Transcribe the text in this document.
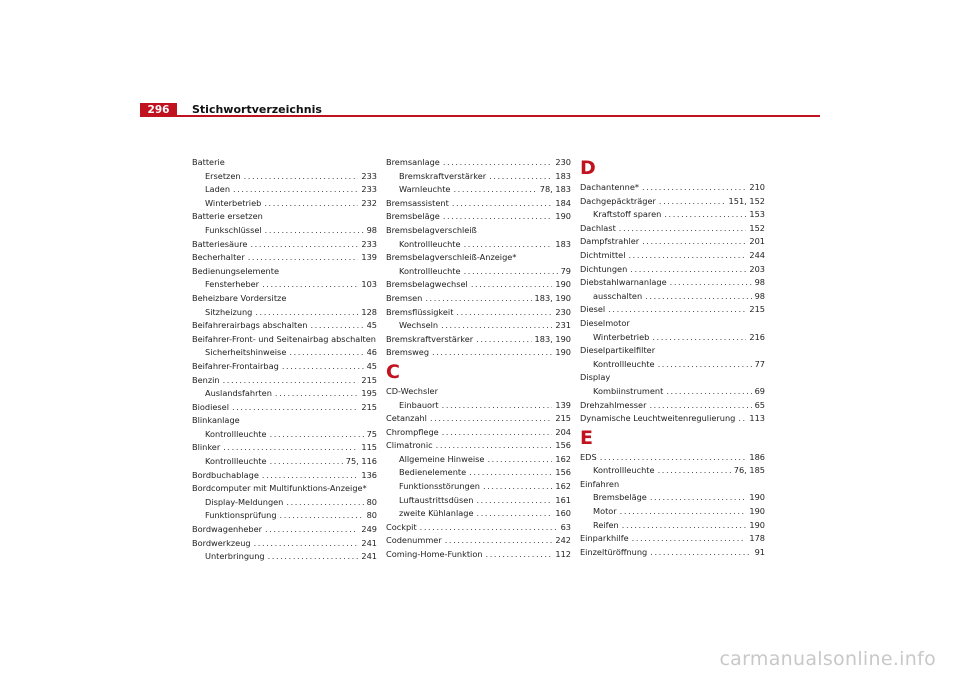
296	Stichwortverzeichnis
Batterie
Ersetzen .....	233
Laden .....	233
Winterbetrieb .....	232
Batterie ersetzen
Funkschlüssel .....	98
Batteriesäure .....	233
Becherhalter .....	139
Bedienungselemente
Fensterheber .....	103
Beheizbare Vordersitze
Sitzheizung .....	128
Beifahrerairbags abschalten .....	45
Beifahrer-Front- und Seitenairbag abschalten
Sicherheitshinweise .....	46
Beifahrer-Frontairbag .....	45
Benzin .....	215
Auslandsfahrten .....	195
Biodiesel .....	215
Blinkanlage
Kontrollleuchte .....	75
Blinker .....	115
Kontrollleuchte .....	75, 116
Bordbuchablage .....	136
Bordcomputer mit Multifunktions-Anzeige*
Display-Meldungen .....	80
Funktionsprüfung .....	80
Bordwagenheber .....	249
Bordwerkzeug .....	241
Unterbringung .....	241
Bremsanlage .....	230
Bremskraftverstärker .....	183
Warnleuchte .....	78, 183
Bremsassistent .....	184
Bremsbeläge .....	190
Bremsbelagverschleiß
Kontrollleuchte .....	183
Bremsbelagverschleiß-Anzeige*
Kontrollleuchte .....	79
Bremsbelagwechsel .....	190
Bremsen .....	183, 190
Bremsflüssigkeit .....	230
Wechseln .....	231
Bremskraftverstärker .....	183, 190
Bremsweg .....	190
C
CD-Wechsler
Einbauort .....	139
Cetanzahl .....	215
Chrompflege .....	204
Climatronic .....	156
Allgemeine Hinweise .....	162
Bedienelemente .....	156
Funktionsstörungen .....	162
Luftaustrittsdüsen .....	161
zweite Kühlanlage .....	160
Cockpit .....	63
Codenummer .....	242
Coming-Home-Funktion .....	112
D
Dachantenne* .....	210
Dachgepäckträger .....	151, 152
Kraftstoff sparen .....	153
Dachlast .....	152
Dampfstrahler .....	201
Dichtmittel .....	244
Dichtungen .....	203
Diebstahlwarnanlage .....	98
ausschalten .....	98
Diesel .....	215
Dieselmotor
Winterbetrieb .....	216
Dieselpartikelfilter
Kontrollleuchte .....	77
Display
Kombiinstrument .....	69
Drehzahlmesser .....	65
Dynamische Leuchtweitenregulierung ..... 113
E
EDS .....	186
Kontrollleuchte .....	76, 185
Einfahren
Bremsbeläge .....	190
Motor .....	190
Reifen .....	190
Einparkhilfe .....	178
Einzeltüröffnung .....	91
carmanualsonline.info
